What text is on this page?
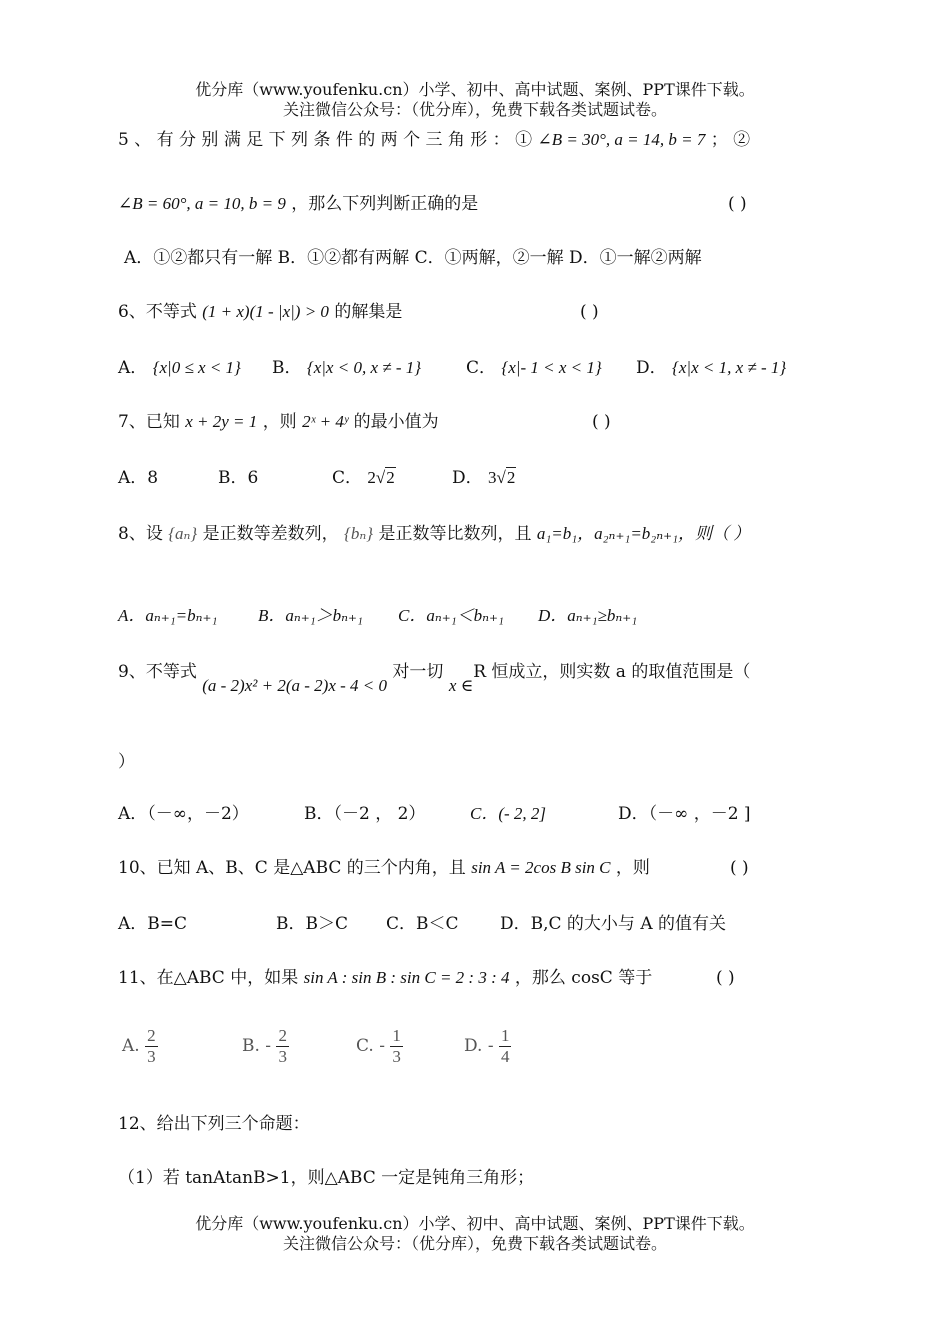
优分库（www.youfenku.cn）小学、初中、高中试题、案例、PPT课件下载。
关注微信公众号：（优分库），免费下载各类试题试卷。
5 、 有 分 别 满 足 下 列 条 件 的 两 个 三 角 形 ： ① ∠B = 30°, a = 14, b = 7 ； ②
∠B = 60°, a = 10, b = 9 ，那么下列判断正确的是	( )
A．①②都只有一解 B．①②都有两解 C．①两解，②一解 D．①一解②两解
6、不等式 (1 + x)(1 - |x|) > 0 的解集是	( )
A． {x|0 ≤ x < 1} B． {x|x < 0, x ≠ - 1}	C． {x|- 1 < x < 1} D． {x|x < 1, x ≠ - 1}
7、已知 x + 2y = 1 ，则 2ˣ + 4ʸ 的最小值为	( )
A．8	B．6	C． 2√2	D． 3√2
8、设 {aₙ} 是正数等差数列， {bₙ} 是正数等比数列，且 a₁=b₁，a₂ₙ₊₁=b₂ₙ₊₁，则（ ）
A．aₙ₊₁=bₙ₊₁ B．aₙ₊₁＞bₙ₊₁ C．aₙ₊₁＜bₙ₊₁ D．aₙ₊₁≥bₙ₊₁
9、不等式 (a - 2)x² + 2(a - 2)x - 4 < 0 对一切 x ∈R 恒成立，则实数 a 的取值范围是（
）
A．（－∞，－2）	B．（－2 ， 2）	C．(- 2, 2]	D．（－∞ ，－2 ]
10、已知 A、B、C 是△ABC 的三个内角，且 sin A = 2cos B sin C ，则	( )
A．B=C	B．B＞C C．B＜C D．B,C 的大小与 A 的值有关
11、在△ABC 中，如果 sin A : sin B : sin C = 2 : 3 : 4 ，那么 cosC 等于	( )
A. $\frac{2}{3}$	B. - $\frac{2}{3}$	C. - $\frac{1}{3}$	D. - $\frac{1}{4}$
12、给出下列三个命题：
（1）若 tanAtanB>1，则△ABC 一定是钝角三角形；
优分库（www.youfenku.cn）小学、初中、高中试题、案例、PPT课件下载。
关注微信公众号：（优分库），免费下载各类试题试卷。
